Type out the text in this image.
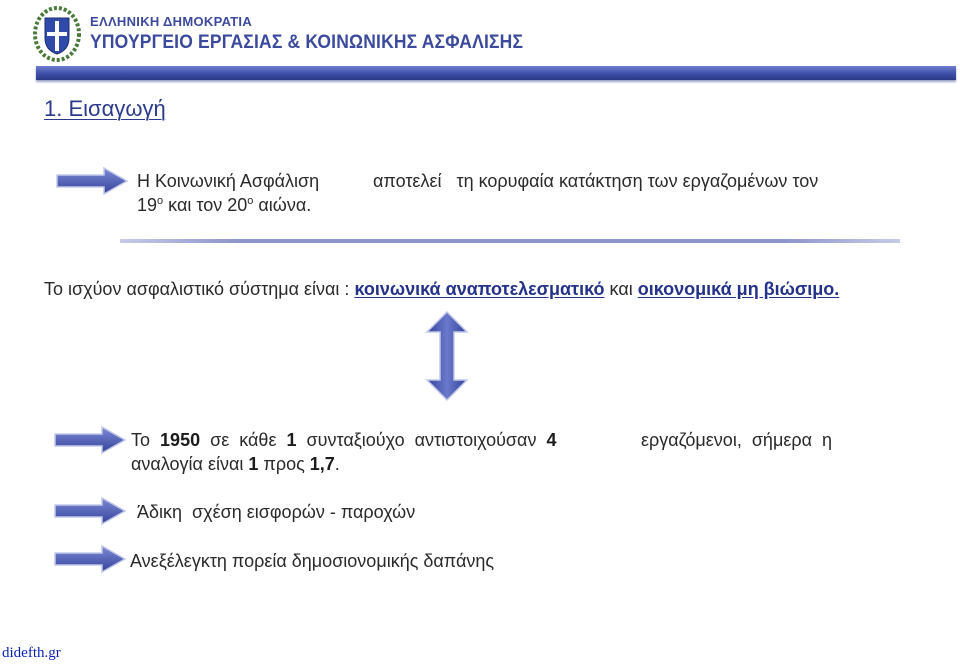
ΕΛΛΗΝΙΚΗ ΔΗΜΟΚΡΑΤΙΑ
ΥΠΟΥΡΓΕΙΟ ΕΡΓΑΣΙΑΣ & ΚΟΙΝΩΝΙΚΗΣ ΑΣΦΑΛΙΣΗΣ
1. Εισαγωγή
Η Κοινωνική Ασφάλιση	αποτελεί   τη κορυφαία κατάκτηση των εργαζομένων τον
$19^o$ και τον $20^o$ αιώνα.
Το ισχύον ασφαλιστικό σύστημα είναι : κοινωνικά αναποτελεσματικό και οικονομικά μη βιώσιμο.
Το 1950 σε  κάθε 1 συνταξιούχο  αντιστοιχούσαν 4	εργαζόμενοι,  σήμερα  η
αναλογία είναι 1 προς 1,7.
Άδικη  σχέση εισφορών - παροχών
Ανεξέλεγκτη πορεία δημοσιονομικής δαπάνης
didefth.gr
